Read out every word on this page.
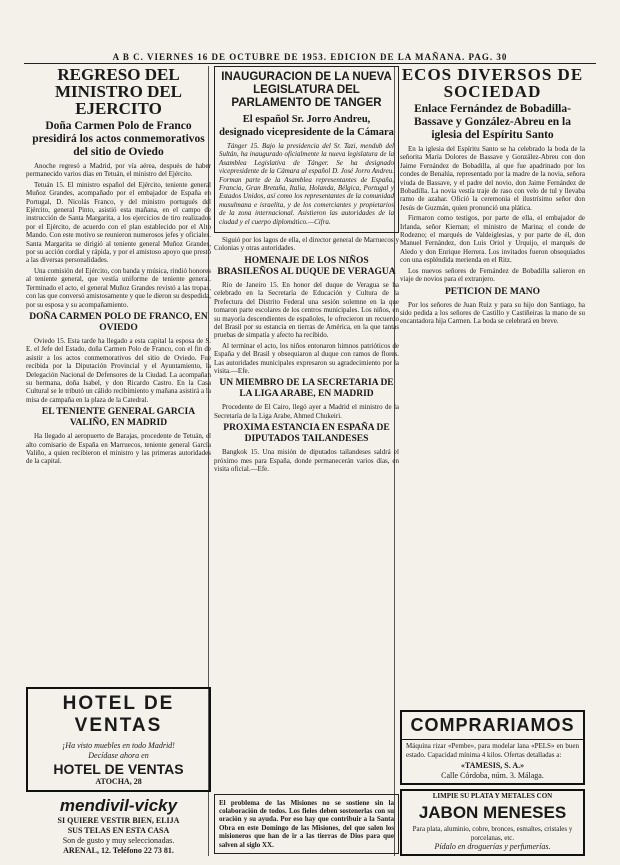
A B C. VIERNES 16 DE OCTUBRE DE 1953. EDICION DE LA MAÑANA. PAG. 30
REGRESO DEL MINISTRO DEL EJERCITO
Doña Carmen Polo de Franco presidirá los actos conmemorativos del sitio de Oviedo
Anoche regresó a Madrid, por vía aérea, después de haber permanecido varios días en Tetuán, el ministro del Ejército.
Tetuán 15. El ministro español del Ejército, teniente general Muñoz Grandes, acompañado por el embajador de España en Portugal, D. Nicolás Franco, y del ministro portugués del Ejército, general Pinto, asistió esta mañana, en el campo de instrucción de Santa Margarita, a los ejercicios de tiro realizados por el Ejército, de acuerdo con el plan establecido por el Alto Mando. Con este motivo se reunieron numerosos jefes y oficiales. Santa Margarita se dirigió al teniente general Muñoz Grandes, por su acción cordial y rápida, y por el amistoso apoyo que prestó a las diversas personalidades.
Una comisión del Ejército, con banda y música, rindió honores al teniente general, que vestía uniforme de teniente general. Terminado el acto, el general Muñoz Grandes revistó a las tropas, con las que conversó amistosamente y que le dieron su despedida, por su esposa y su acompañamiento.
DOÑA CARMEN POLO DE FRANCO, EN OVIEDO
Oviedo 15. Esta tarde ha llegado a esta capital la esposa de S. E. el Jefe del Estado, doña Carmen Polo de Franco, con el fin de asistir a los actos conmemorativos del sitio de Oviedo. Fue recibida por la Diputación Provincial y el Ayuntamiento, la Delegación Nacional de Defensores de la Ciudad. La acompañan su hermana, doña Isabel, y don Ricardo Castro. En la Casa Cultural se le tributó un cálido recibimiento y mañana asistirá a la misa de campaña en la plaza de la Catedral.
EL TENIENTE GENERAL GARCIA VALIÑO, EN MADRID
Ha llegado al aeropuerto de Barajas, procedente de Tetuán, el alto comisario de España en Marruecos, teniente general García Valiño, a quien recibieron el ministro y las primeras autoridades de la capital.
HOTEL DE VENTAS
¡Ha visto muebles en todo Madrid!
Decídase ahora en
HOTEL DE VENTAS
ATOCHA, 28
mendivil-vicky
SI QUIERE VESTIR BIEN, ELIJA
SUS TELAS EN ESTA CASA
Son de gusto y muy seleccionadas.
ARENAL, 12. Teléfono 22 73 81.
INAUGURACION DE LA NUEVA LEGISLATURA DEL PARLAMENTO DE TANGER
El español Sr. Jorro Andreu, designado vicepresidente de la Cámara
Tánger 15. Bajo la presidencia del Sr. Tazi, mendub del Sultán, ha inaugurado oficialmente la nueva legislatura de la Asamblea Legislativa de Tánger. Se ha designado vicepresidente de la Cámara al español D. José Jorro Andreu. Forman parte de la Asamblea representantes de España, Francia, Gran Bretaña, Italia, Holanda, Bélgica, Portugal y Estados Unidos, así como los representantes de la comunidad musulmana e israelita, y de los comerciantes y propietarios de la zona internacional. Asistieron las autoridades de la ciudad y el cuerpo diplomático.—Cifra.
Siguió por los lagos de ella, el director general de Marruecos y Colonias y otras autoridades.
HOMENAJE DE LOS NIÑOS BRASILEÑOS AL DUQUE DE VERAGUA
Río de Janeiro 15. En honor del duque de Veragua se ha celebrado en la Secretaría de Educación y Cultura de la Prefectura del Distrito Federal una sesión solemne en la que tomaron parte escolares de los centros municipales. Los niños, en su mayoría descendientes de españoles, le ofrecieron un recuerdo del Brasil por su estancia en tierras de América, en la que tantas pruebas de simpatía y afecto ha recibido.
Al terminar el acto, los niños entonaron himnos patrióticos de España y del Brasil y obsequiaron al duque con ramos de flores. Las autoridades municipales expresaron su agradecimiento por la visita.—Efe.
UN MIEMBRO DE LA SECRETARIA DE LA LIGA ARABE, EN MADRID
Procedente de El Cairo, llegó ayer a Madrid el ministro de la Secretaría de la Liga Arabe, Ahmed Chukeiri.
PROXIMA ESTANCIA EN ESPAÑA DE DIPUTADOS TAILANDESES
Bangkok 15. Una misión de diputados tailandeses saldrá el próximo mes para España, donde permanecerán varios días, en visita oficial.—Efe.
El problema de las Misiones no se sostiene sin la colaboración de todos. Los fieles deben sostenerlas con su oración y su ayuda. Por eso hay que contribuir a la Santa Obra en este Domingo de las Misiones, del que salen los misioneros que han de ir a las tierras de Dios para que salven al siglo XX.
ECOS DIVERSOS DE SOCIEDAD
Enlace Fernández de Bobadilla-Bassave y González-Abreu en la iglesia del Espíritu Santo
En la iglesia del Espíritu Santo se ha celebrado la boda de la señorita María Dolores de Bassave y González-Abreu con don Jaime Fernández de Bobadilla, al que fue apadrinado por los condes de Benalúa, representado por la madre de la novia, señora viuda de Bassave, y el padre del novio, don Jaime Fernández de Bobadilla. La novia vestía traje de raso con velo de tul y llevaba ramo de azahar. Ofició la ceremonia el ilustrísimo señor don Jesús de Guzmán, quien pronunció una plática.
Firmaron como testigos, por parte de ella, el embajador de Irlanda, señor Kiernan; el ministro de Marina; el conde de Rodezno; el marqués de Valdeiglesias, y por parte de él, don Manuel Fernández, don Luis Oriol y Urquijo, el marqués de Aledo y don Enrique Herrera. Los invitados fueron obsequiados con una espléndida merienda en el Ritz.
Los nuevos señores de Fernández de Bobadilla salieron en viaje de novios para el extranjero.
PETICION DE MANO
Por los señores de Juan Ruiz y para su hijo don Santiago, ha sido pedida a los señores de Castillo y Castiñeiras la mano de su encantadora hija Carmen. La boda se celebrará en breve.
COMPRARIAMOS
Máquina rizar «Pembe», para modelar lana «PELS» en buen estado. Capacidad mínima 4 kilos. Ofertas detalladas a:
«TAMESIS, S. A.»
Calle Córdoba, núm. 3. Málaga.
LIMPIE SU PLATA Y METALES CON
JABON MENESES
Para plata, aluminio, cobre, bronces, esmaltes, cristales y porcelanas, etc.
Pídalo en droguerías y perfumerías.
